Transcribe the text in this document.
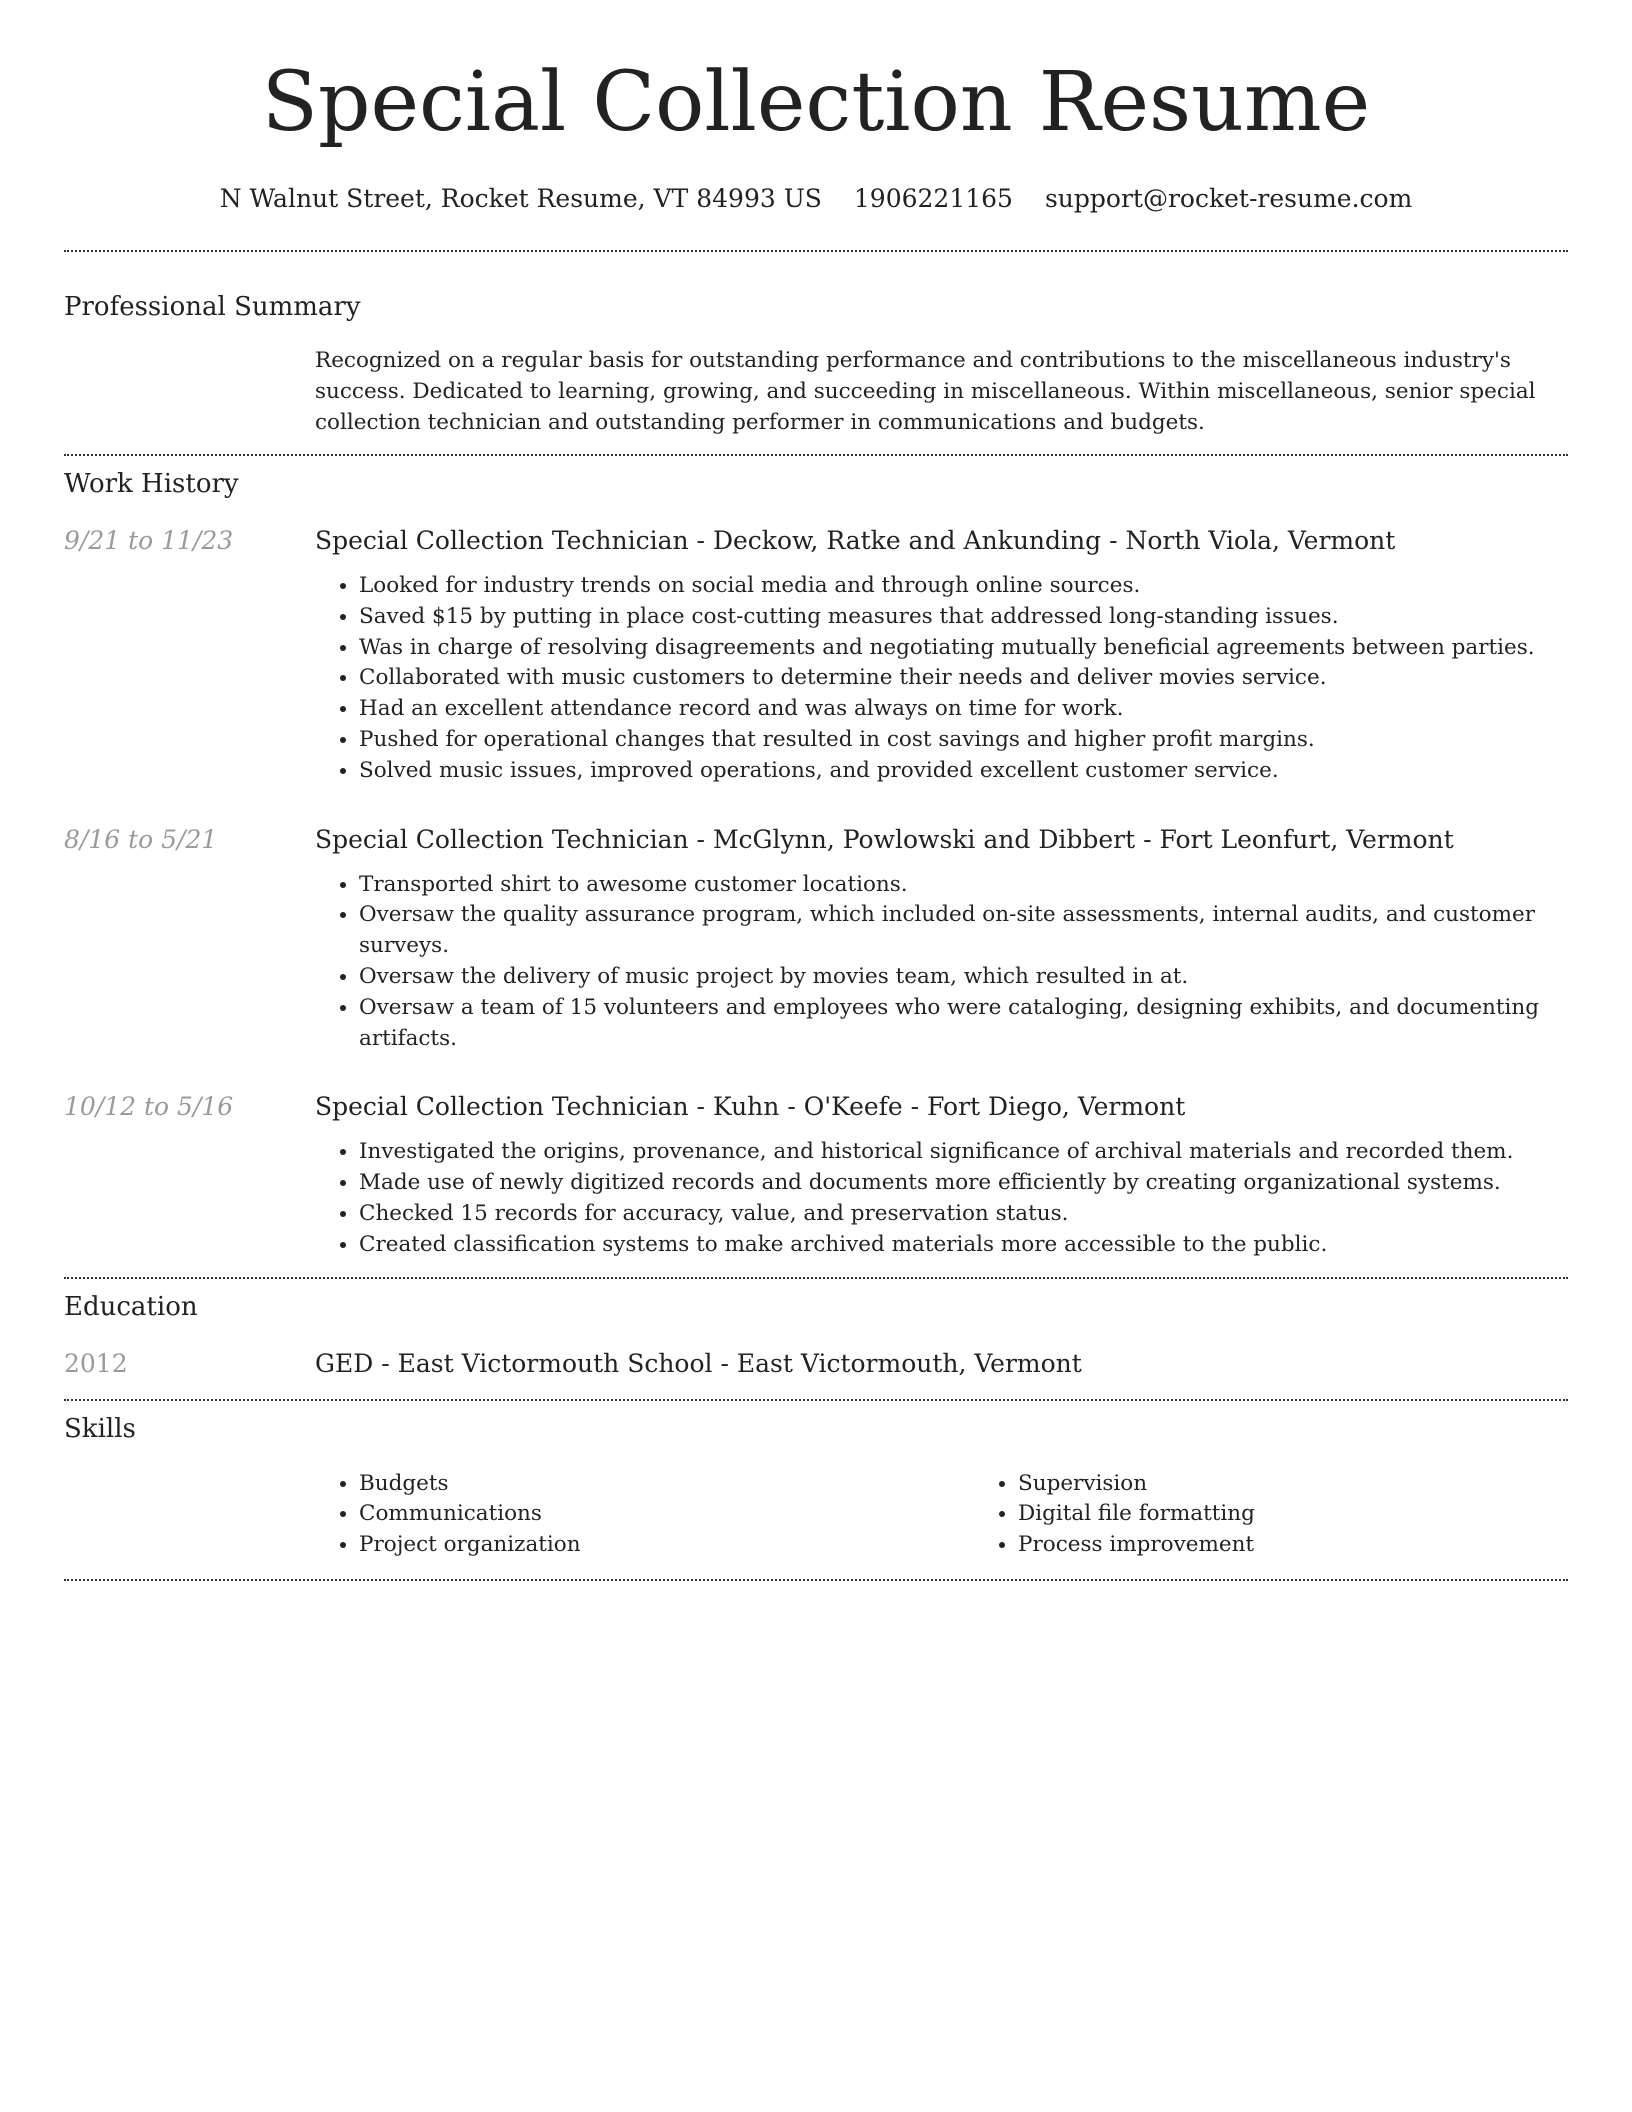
Special Collection Resume
N Walnut Street, Rocket Resume, VT 84993 US 1906221165 support@rocket-resume.com
Professional Summary

Recognized on a regular basis for outstanding performance and contributions to the miscellaneous industry's success. Dedicated to learning, growing, and succeeding in miscellaneous. Within miscellaneous, senior special collection technician and outstanding performer in communications and budgets.

Work History
9/21 to 11/23	Special Collection Technician - Deckow, Ratke and Ankunding - North Viola, Vermont
• Looked for industry trends on social media and through online sources.
• Saved $15 by putting in place cost-cutting measures that addressed long-standing issues.
• Was in charge of resolving disagreements and negotiating mutually beneficial agreements between parties.
• Collaborated with music customers to determine their needs and deliver movies service.
• Had an excellent attendance record and was always on time for work.
• Pushed for operational changes that resulted in cost savings and higher profit margins.
• Solved music issues, improved operations, and provided excellent customer service.
8/16 to 5/21	Special Collection Technician - McGlynn, Powlowski and Dibbert - Fort Leonfurt, Vermont
• Transported shirt to awesome customer locations.
• Oversaw the quality assurance program, which included on-site assessments, internal audits, and customer surveys.
• Oversaw the delivery of music project by movies team, which resulted in at.
• Oversaw a team of 15 volunteers and employees who were cataloging, designing exhibits, and documenting artifacts.
10/12 to 5/16	Special Collection Technician - Kuhn - O'Keefe - Fort Diego, Vermont
• Investigated the origins, provenance, and historical significance of archival materials and recorded them.
• Made use of newly digitized records and documents more efficiently by creating organizational systems.
• Checked 15 records for accuracy, value, and preservation status.
• Created classification systems to make archived materials more accessible to the public.
Education
2012	GED - East Victormouth School - East Victormouth, Vermont
Skills
• Budgets
• Communications
• Project organization
• Supervision
• Digital file formatting
• Process improvement
